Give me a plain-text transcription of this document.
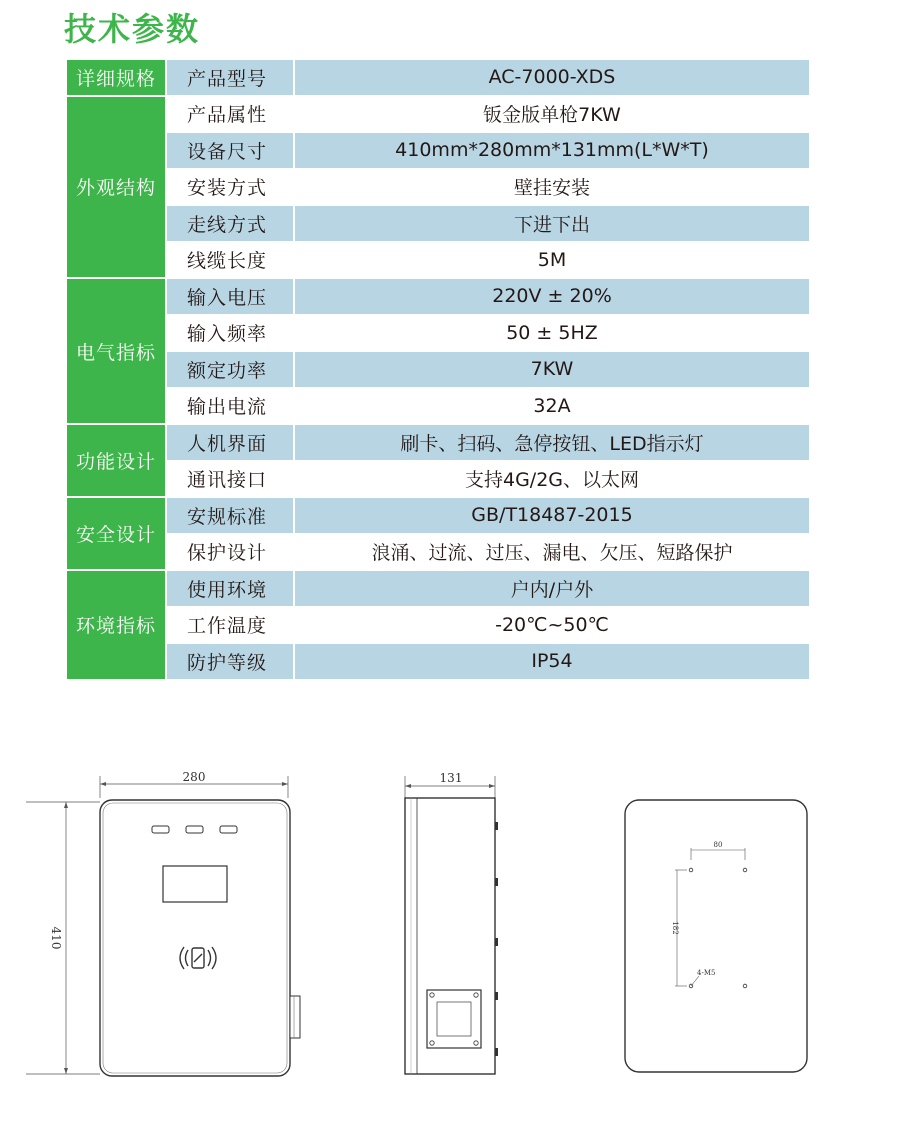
技术参数
详细规格	产品型号	AC-7000-XDS
外观结构	产品属性	钣金版单枪7KW
	设备尺寸	410mm*280mm*131mm(L*W*T)
	安装方式	壁挂安装
	走线方式	下进下出
	线缆长度	5M
电气指标	输入电压	220V ± 20%
	输入频率	50 ± 5HZ
	额定功率	7KW
	输出电流	32A
功能设计	人机界面	刷卡、扫码、急停按钮、LED指示灯
	通讯接口	支持4G/2G、以太网
安全设计	安规标准	GB/T18487-2015
	保护设计	浪涌、过流、过压、漏电、欠压、短路保护
环境指标	使用环境	户内/户外
	工作温度	-20℃~50℃
	防护等级	IP54
280
410
131
80
182
4-M5
